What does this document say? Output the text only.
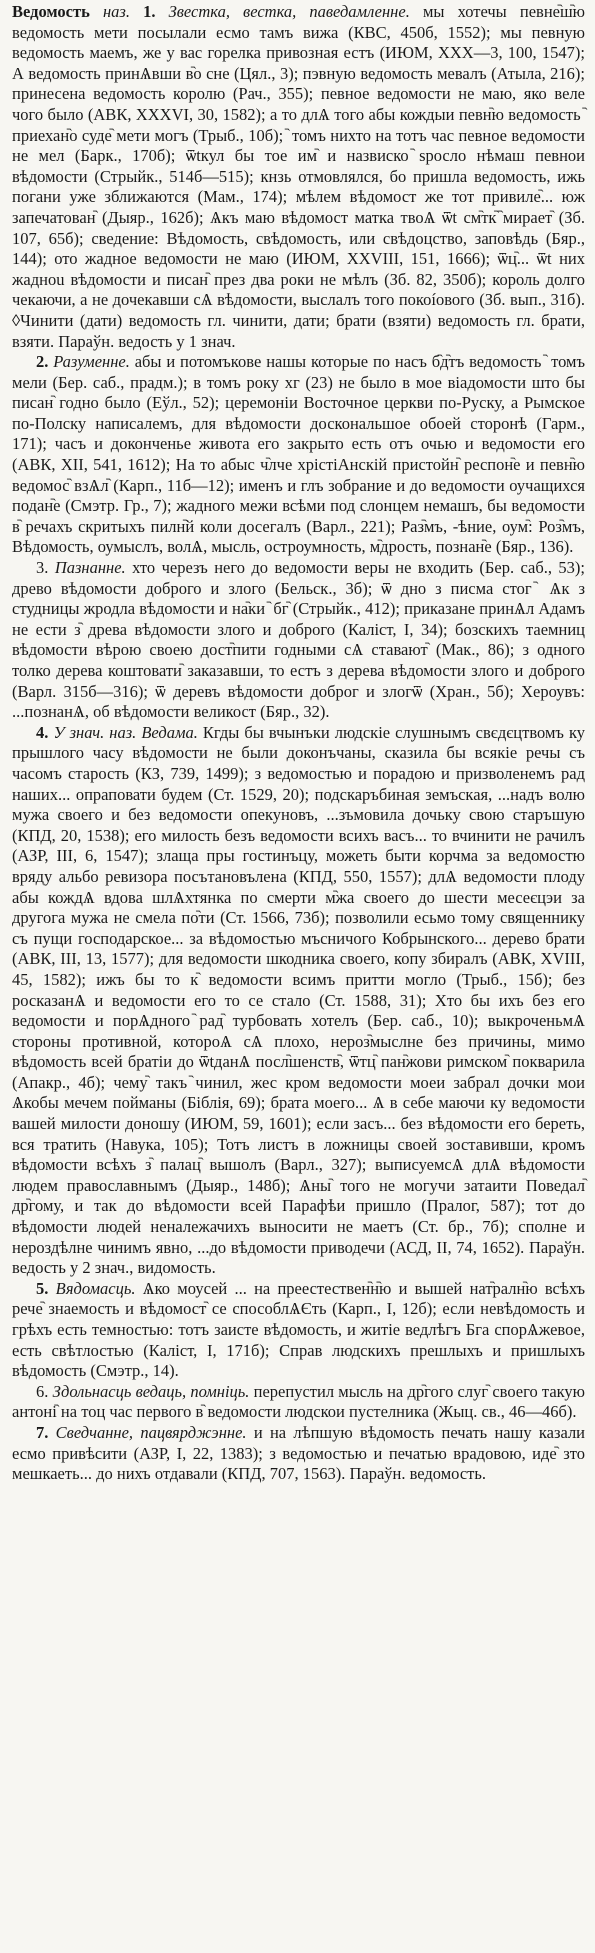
Ведомость наз. 1. Звестка, вестка, паведамленне. мы хотечы певне᷆ш᷆ю ведомость мети посылали есмо тамъ вижа (КВС, 450б, 1552); мы певную ведомость маемъ, же у вас горелка привозная естъ (ИЮМ, XXX—3, 100, 1547); А ведомость принѦвши в᷆о сне (Цял., 3); пэвную ведомость мевалъ (Атыла, 216); принесена ведомость королю (Рач., 355); певное ведомости не маю, яко веле чого было (АВК, XXXVI, 30, 1582); а то длѦ того абы кождыи певн᷆ю ведомость ᷆ приехан᷆о суде᷆ мети могъ (Трыб., 10б); ᷆ томъ нихто на тотъ час певное ведомости не мел (Барк., 170б); ѿtкул бы тое им᷆ и назвиско ᷆ѕросло нѣмаш певнои вѣдомости (Стрыйк., 514б—515); кнзь отмовлялся, бо пришла ведомость, ижь погани уже зближаются (Мам., 174); мѣлем вѣдомост же тот привиле᷆... юж запечатован᷆ (Дыяр., 162б); Ѧкъ маю вѣдомост матка твоѦ ѿt см᷆тк᷆ ᷆мирает᷆ (Зб. 107, 65б); сведение: Вѣдомость, свѣдомость, или свѣдоцство, заповѣдь (Бяр., 144); ото жадное ведомости не маю (ИЮМ, XXVIII, 151, 1666); ѿц᷆... ѿt них жадноu вѣдомости и писан᷆ през два роки не мѣлъ (Зб. 82, 350б); король долго чекаючи, а не дочекавши сѦ вѣдомости, выслалъ того покоíового (Зб. вып., 31б). ◊Чинити (дати) ведомость гл. чинити, дати; брати (взяти) ведомость гл. брати, взяти. Параўн. ведость у 1 знач.

2. Разуменне. абы и потомъковe нашы которые по насъ б᷆д᷆тъ ведомость ᷆ томъ мели (Бер. саб., прадм.); в томъ року хг (23) не было в мое віадомости што бы писан᷆ годно было (Еўл., 52); церемоніи Восточное церкви по-Руску, а Рымское по-Полску написалемъ, для вѣдомости доскональшое обоей сторонѣ (Гарм., 171); часъ и доконченье живота его закрыто есть отъ очью и ведомости его (АВК, XII, 541, 1612); На то абыс ч᷆лче хрістіАнскій пристойн᷆ респон᷆е и певн᷆ю ведомос᷆ взѦл᷆ (Карп., 11б—12); именъ и глъ зобрание и до ведомости оучащихся подан᷆е (Смэтр. Гр., 7); жадного межи всѣми под слонцем немашъ, бы ведомости в᷆ речахъ скритыхъ пилн᷆й коли досегалъ (Варл., 221); Раз᷆мъ, -ѣние, оум᷆: Роз᷆мъ, Вѣдомость, оумыслъ, волѦ, мысль, остроумность, м᷆дрость, познан᷆е (Бяр., 136).

3. Пазнанне. хто черезъ него до ведомости веры не входить (Бер. саб., 53); древо вѣдомости доброго и злого (Бельск., 3б); ѿ дно з писма стог ᷆ Ѧк з студницы жродла вѣдомости и на᷆ки ᷆ бг᷆ (Стрыйк., 412); приказане принѦл Адамъ не ести з᷆ древа вѣдомости злого и доброго (Каліст, I, 34); бозскихъ таемниц вѣдомости вѣрою своею дост᷆пити годными сѦ ставают᷆ (Мак., 86); з одного толко дерева коштовати᷆ заказавши, то естъ з дерева вѣдомости злого и доброго (Варл. 315б—316); ѿ деревъ вѣдомости доброг и злогѿ (Хран., 5б); Хероувъ: ...познанѦ, об вѣдомости великост (Бяр., 32).

4. У знач. наз. Ведама. Кгды бы вчынъки людскіе слушнымъ свєдєцтвомъ ку прышлого часу вѣдомости не были доконъчаны, сказила бы всякіе речы съ часомъ старость (КЗ, 739, 1499); з ведомостью и порадою и призволенемъ рад наших... опраповати будем (Ст. 1529, 20); подскаръбиная земъская, ...надъ волю мужа своего и без ведомости опекуновъ, ...зъмовила дочьку свою старъшую (КПД, 20, 1538); его милость безъ ведомости всихъ васъ... то вчинити не рачилъ (АЗР, III, 6, 1547); злаща пры гостинъцу, можеть быти корчма за ведомостю вряду альбо ревизора посътановълена (КПД, 550, 1557); длѦ ведомости плоду абы кождѦ вдова шлѦхтянка по смерти м᷆жа своего до шести месеєцэи за другога мужа не смела по᷆ти (Ст. 1566, 73б); позволили есьмо тому священнику съ пущи господарское... за вѣдомостью мъсничого Кобрынского... дерево брати (АВК, III, 13, 1577); для ведомости шкодника своего, копу збиралъ (АВК, XVIII, 45, 1582); ижъ бы то к᷆ ведомости всимъ притти могло (Трыб., 15б); без росказанѦ и ведомости его то се стало (Ст. 1588, 31); Хто бы ихъ без его ведомости и порѦдного ᷆рад᷆ турбовать хотелъ (Бер. саб., 10); выкроченьмѦ стороны противной, котороѦ сѦ плохо, нероз᷆мыслне без причины, мимо вѣдомость всей братіи до ѿtданѦ посл᷆шенств᷆, ѿтц᷆ пан᷆жови римском᷆ покварила (Апакр., 4б); чему᷆ такъ ᷆чинил, жес кром ведомости моеи забрал дочки мои Ѧкобы мечем пойманы (Біблія, 69); брата моего... Ѧ в себе маючи ку ведомости вашей милости доношу (ИЮМ, 59, 1601); если засъ... без вѣдомости его береть, вся тратить (Навука, 105); Тотъ листъ в ложницы своей зоставивши, кромъ вѣдомости всѣхъ з᷆ палац᷆ вышолъ (Варл., 327); выписуемсѦ длѦ вѣдомости людем православнымъ (Дыяр., 148б); Ѧны᷆ того не могучи затаити Поведал᷆ др᷆гому, и так до вѣдомости всей Парафѣи пришло (Пралог, 587); тот до вѣдомости людей неналежачихъ выносити не маетъ (Ст. бр., 7б); сполне и нероздѣлне чинимъ явно, ...до вѣдомости приводечи (АСД, II, 74, 1652). Параўн. ведость у 2 знач., видомость.

5. Вядомасць. Ѧко моусей ... на преестествен᷆н᷆ю и вышей нат᷆ралн᷆ю всѣхъ рече᷆ знаемость и вѣдомост᷆ се способлѦЄть (Карп., I, 12б); если невѣдомость и грѣхъ есть темностью: тотъ заисте вѣдомость, и житіе ведлѣгъ Бга спорѦжевое, есть свѣтлостью (Каліст, I, 171б); Справ людскихъ прешлыхъ и пришлыхъ вѣдомость (Смэтр., 14).

6. Здольнасць ведаць, помніць. перепустил мысль на др᷆гого слуг᷆ своего такую антоні᷆ на тоц час первого в᷆ ведомости людскои пустелника (Жыц. св., 46—46б).

7. Сведчанне, пацвярджэнне. и на лѣпшую вѣдомость печать нашу казали есмо привѣсити (АЗР, I, 22, 1383); з ведомостью и печатью врадовою, иде᷆ зто мешкаеть... до нихъ отдавали (КПД, 707, 1563). Параўн. ведомость.
